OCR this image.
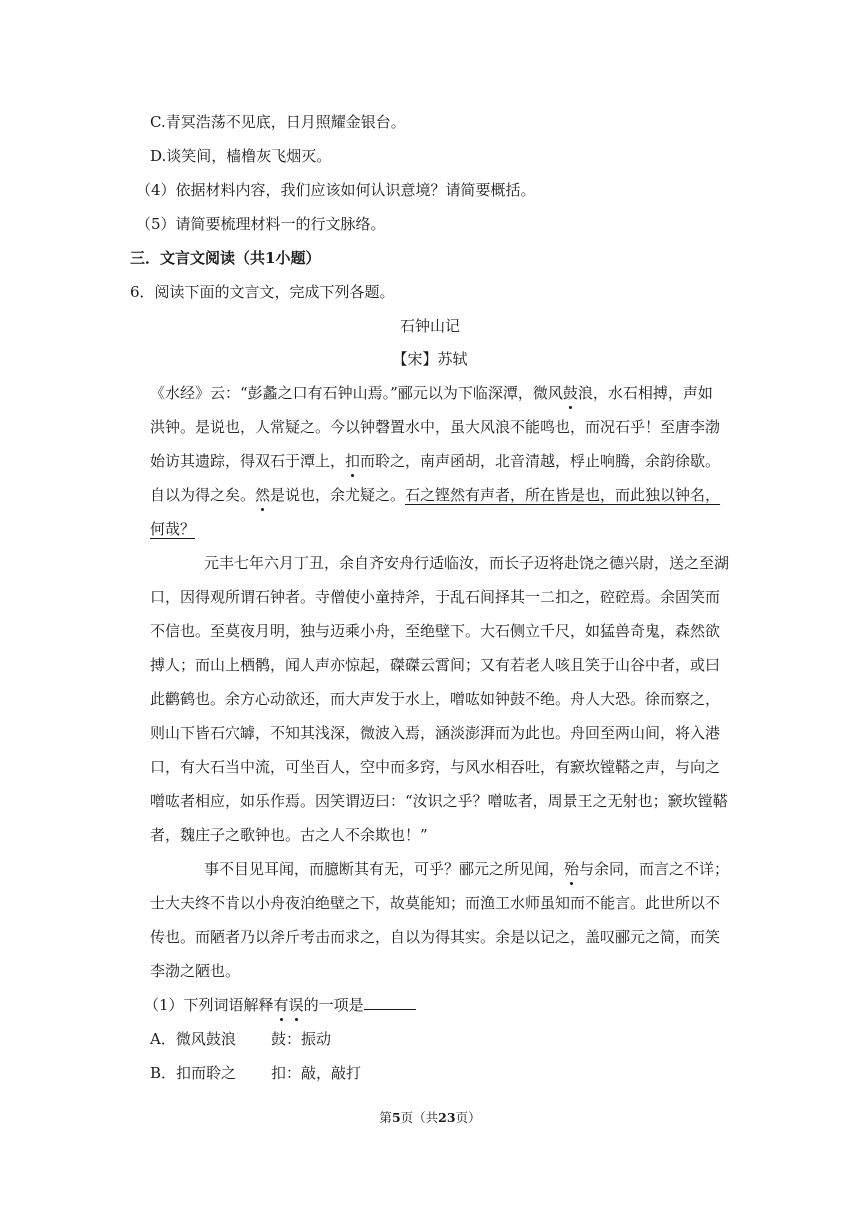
C.青冥浩荡不见底，日月照耀金银台。
D.谈笑间，樯橹灰飞烟灭。
（4）依据材料内容，我们应该如何认识意境？请简要概括。
（5）请简要梳理材料一的行文脉络。
三．文言文阅读（共1小题）
6．阅读下面的文言文，完成下列各题。
石钟山记
【宋】苏轼
《水经》云：“彭蠡之口有石钟山焉。”郦元以为下临深潭，微风鼓浪，水石相搏，声如
洪钟。是说也，人常疑之。今以钟磬置水中，虽大风浪不能鸣也，而况石乎！至唐李渤
始访其遗踪，得双石于潭上，扣而聆之，南声函胡，北音清越，桴止响腾，余韵徐歇。
自以为得之矣。然是说也，余尤疑之。石之铿然有声者，所在皆是也，而此独以钟名，
何哉？
元丰七年六月丁丑，余自齐安舟行适临汝，而长子迈将赴饶之德兴尉，送之至湖
口，因得观所谓石钟者。寺僧使小童持斧，于乱石间择其一二扣之，硿硿焉。余固笑而
不信也。至莫夜月明，独与迈乘小舟，至绝壁下。大石侧立千尺，如猛兽奇鬼，森然欲
搏人；而山上栖鹘，闻人声亦惊起，磔磔云霄间；又有若老人咳且笑于山谷中者，或曰
此鹳鹤也。余方心动欲还，而大声发于水上，噌吰如钟鼓不绝。舟人大恐。徐而察之，
则山下皆石穴罅，不知其浅深，微波入焉，涵淡澎湃而为此也。舟回至两山间，将入港
口，有大石当中流，可坐百人，空中而多窍，与风水相吞吐，有窾坎镗鞳之声，与向之
噌吰者相应，如乐作焉。因笑谓迈曰：“汝识之乎？噌吰者，周景王之无射也；窾坎镗鞳
者，魏庄子之歌钟也。古之人不余欺也！”
事不目见耳闻，而臆断其有无，可乎？郦元之所见闻，殆与余同，而言之不详；
士大夫终不肯以小舟夜泊绝壁之下，故莫能知；而渔工水师虽知而不能言。此世所以不
传也。而陋者乃以斧斤考击而求之，自以为得其实。余是以记之，盖叹郦元之简，而笑
李渤之陋也。
（1）下列词语解释有误的一项是
A．微风鼓浪 鼓：振动
B．扣而聆之 扣：敲，敲打
第5页（共23页）
